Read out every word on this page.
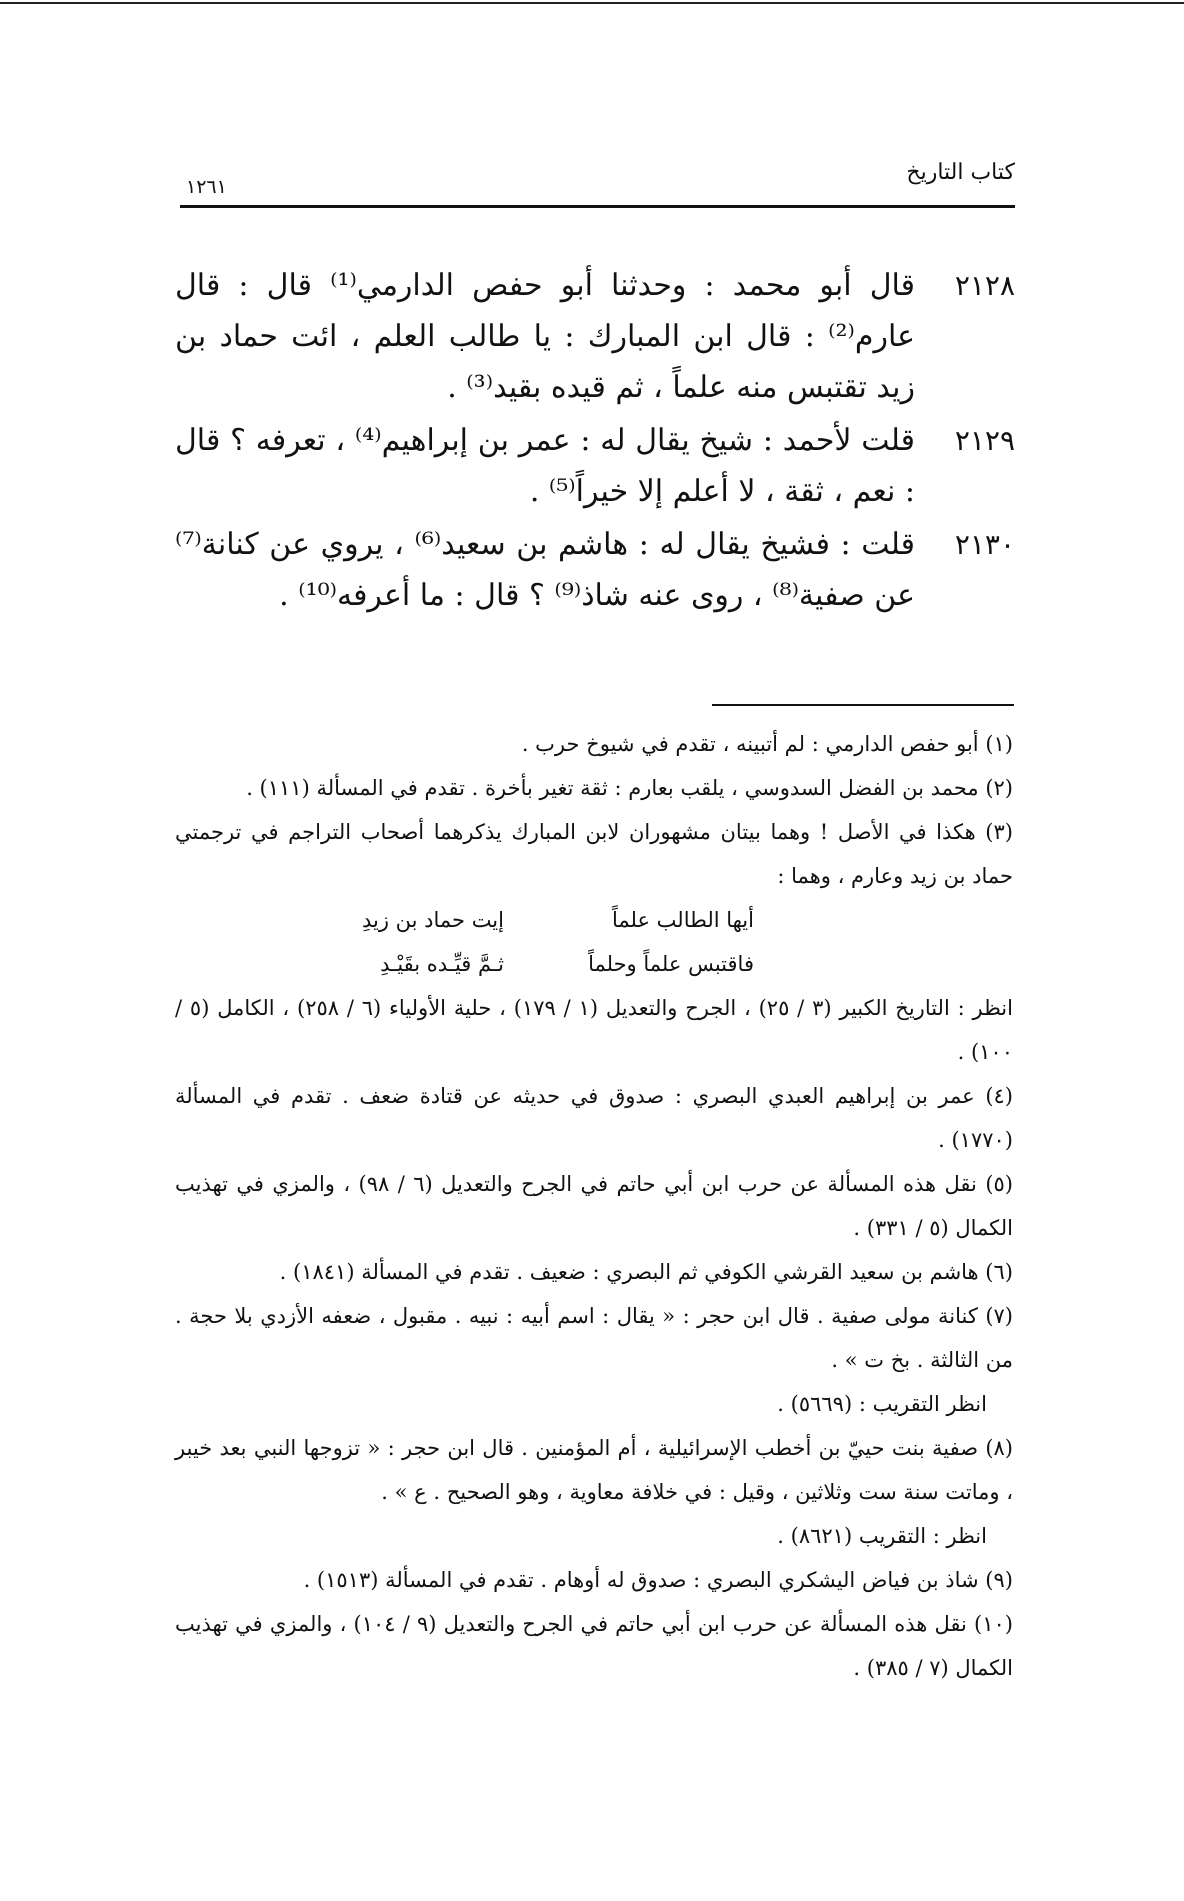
كتاب التاريخ
١٢٦١
٢١٢٨
قال أبو محمد : وحدثنا أبو حفص الدارمي⁽¹⁾ قال : قال عارم⁽²⁾ : قال ابن المبارك : يا طالب العلم ، ائت حماد بن زيد تقتبس منه علماً ، ثم قيده بقيد⁽³⁾ .
٢١٢٩
قلت لأحمد : شيخ يقال له : عمر بن إبراهيم⁽⁴⁾ ، تعرفه ؟ قال : نعم ، ثقة ، لا أعلم إلا خيراً⁽⁵⁾ .
٢١٣٠
قلت : فشيخ يقال له : هاشم بن سعيد⁽⁶⁾ ، يروي عن كنانة⁽⁷⁾ عن صفية⁽⁸⁾ ، روى عنه شاذ⁽⁹⁾ ؟ قال : ما أعرفه⁽¹⁰⁾ .
(١) أبو حفص الدارمي : لم أتبينه ، تقدم في شيوخ حرب .
(٢) محمد بن الفضل السدوسي ، يلقب بعارم : ثقة تغير بأخرة . تقدم في المسألة (١١١) .
(٣) هكذا في الأصل ! وهما بيتان مشهوران لابن المبارك يذكرهما أصحاب التراجم في ترجمتي حماد بن زيد وعارم ، وهما :
أيها الطالب علماً
فاقتبس علماً وحلماً
إيت حماد بن زيدِ
ثـمَّ قيِّـده بقَيْـدِ
انظر : التاريخ الكبير (٣ / ٢٥) ، الجرح والتعديل (١ / ١٧٩) ، حلية الأولياء (٦ / ٢٥٨) ، الكامل (٥ / ١٠٠) .
(٤) عمر بن إبراهيم العبدي البصري : صدوق في حديثه عن قتادة ضعف . تقدم في المسألة (١٧٧٠) .
(٥) نقل هذه المسألة عن حرب ابن أبي حاتم في الجرح والتعديل (٦ / ٩٨) ، والمزي في تهذيب الكمال (٥ / ٣٣١) .
(٦) هاشم بن سعيد القرشي الكوفي ثم البصري : ضعيف . تقدم في المسألة (١٨٤١) .
(٧) كنانة مولى صفية . قال ابن حجر : « يقال : اسم أبيه : نبيه . مقبول ، ضعفه الأزدي بلا حجة . من الثالثة . بخ ت » .
انظر التقريب : (٥٦٦٩) .
(٨) صفية بنت حييّ بن أخطب الإسرائيلية ، أم المؤمنين . قال ابن حجر : « تزوجها النبي بعد خيبر ، وماتت سنة ست وثلاثين ، وقيل : في خلافة معاوية ، وهو الصحيح . ع » .
انظر : التقريب (٨٦٢١) .
(٩) شاذ بن فياض اليشكري البصري : صدوق له أوهام . تقدم في المسألة (١٥١٣) .
(١٠) نقل هذه المسألة عن حرب ابن أبي حاتم في الجرح والتعديل (٩ / ١٠٤) ، والمزي في تهذيب الكمال (٧ / ٣٨٥) .
